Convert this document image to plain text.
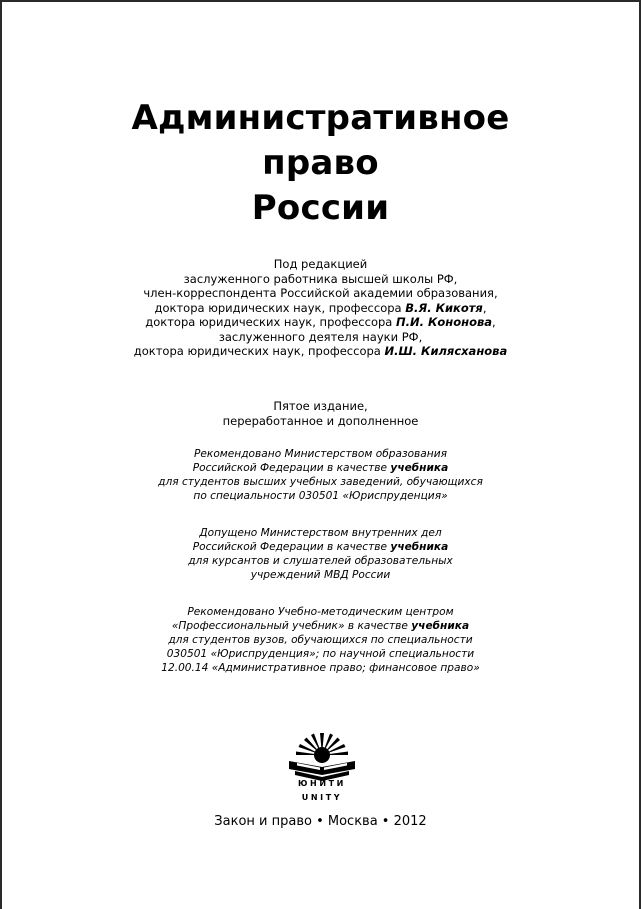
Административное
право
России
Под редакцией
заслуженного работника высшей школы РФ,
член-корреспондента Российской академии образования,
доктора юридических наук, профессора В.Я. Кикотя,
доктора юридических наук, профессора П.И. Кононова,
заслуженного деятеля науки РФ,
доктора юридических наук, профессора И.Ш. Килясханова
Пятое издание,
переработанное и дополненное
Рекомендовано Министерством образования
Российской Федерации в качестве учебника
для студентов высших учебных заведений, обучающихся
по специальности 030501 «Юриспруденция»
Допущено Министерством внутренних дел
Российской Федерации в качестве учебника
для курсантов и слушателей образовательных
учреждений МВД России
Рекомендовано Учебно-методическим центром
«Профессиональный учебник» в качестве учебника
для студентов вузов, обучающихся по специальности
030501 «Юриспруденция»; по научной специальности
12.00.14 «Административное право; финансовое право»
ЮНИТИ
UNITY
Закон и право • Москва • 2012
